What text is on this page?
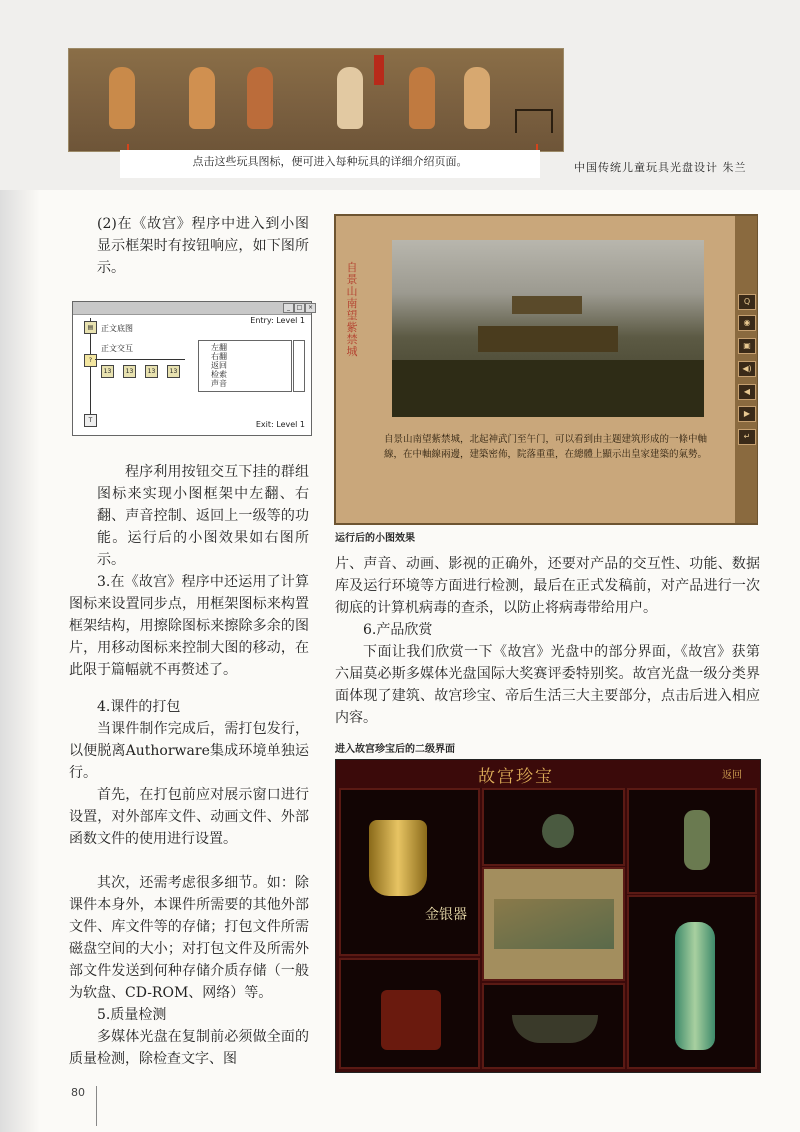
点击这些玩具图标，便可进入每种玩具的详细介绍页面。	中国传统儿童玩具光盘设计 朱兰
(2)在《故宫》程序中进入到小图显示框架时有按钮响应，如下图所示。
_	□ ×
Entry: Level 1
Exit: Level 1
▤ 正文底图
正文交互
?
13	13	13	13
左翻
右翻
返回
检索
声音
T
程序利用按钮交互下挂的群组图标来实现小图框架中左翻、右翻、声音控制、返回上一级等的功能。运行后的小图效果如右图所示。
3.在《故宫》程序中还运用了计算图标来设置同步点，用框架图标来构置框架结构，用擦除图标来擦除多余的图片，用移动图标来控制大图的移动，在此限于篇幅就不再赘述了。
4.课件的打包
当课件制作完成后，需打包发行，以便脱离Authorware集成环境单独运行。
首先，在打包前应对展示窗口进行设置，对外部库文件、动画文件、外部函数文件的使用进行设置。
其次，还需考虑很多细节。如：除课件本身外，本课件所需要的其他外部文件、库文件等的存储；打包文件所需磁盘空间的大小；对打包文件及所需外部文件发送到何种存储介质存储（一般为软盘、CD-ROM、网络）等。
5.质量检测
多媒体光盘在复制前必须做全面的质量检测，除检查文字、图
自景山南望紫禁城
自景山南望紫禁城，北起神武门至午门，可以看到由主题建筑形成的一條中軸線，在中軸線兩邊，建築密佈，院落重重，在總體上顯示出皇家建築的氣勢。
Q
◉
▣
◀)
◀
▶
↵
运行后的小图效果
片、声音、动画、影视的正确外，还要对产品的交互性、功能、数据库及运行环境等方面进行检测，最后在正式发稿前，对产品进行一次彻底的计算机病毒的查杀，以防止将病毒带给用户。
6.产品欣赏
下面让我们欣赏一下《故宫》光盘中的部分界面，《故宫》获第六届莫必斯多媒体光盘国际大奖赛评委特别奖。故宫光盘一级分类界面体现了建筑、故宫珍宝、帝后生活三大主要部分，点击后进入相应内容。
进入故宫珍宝后的二级界面
故宫珍宝	返回
金银器
80
